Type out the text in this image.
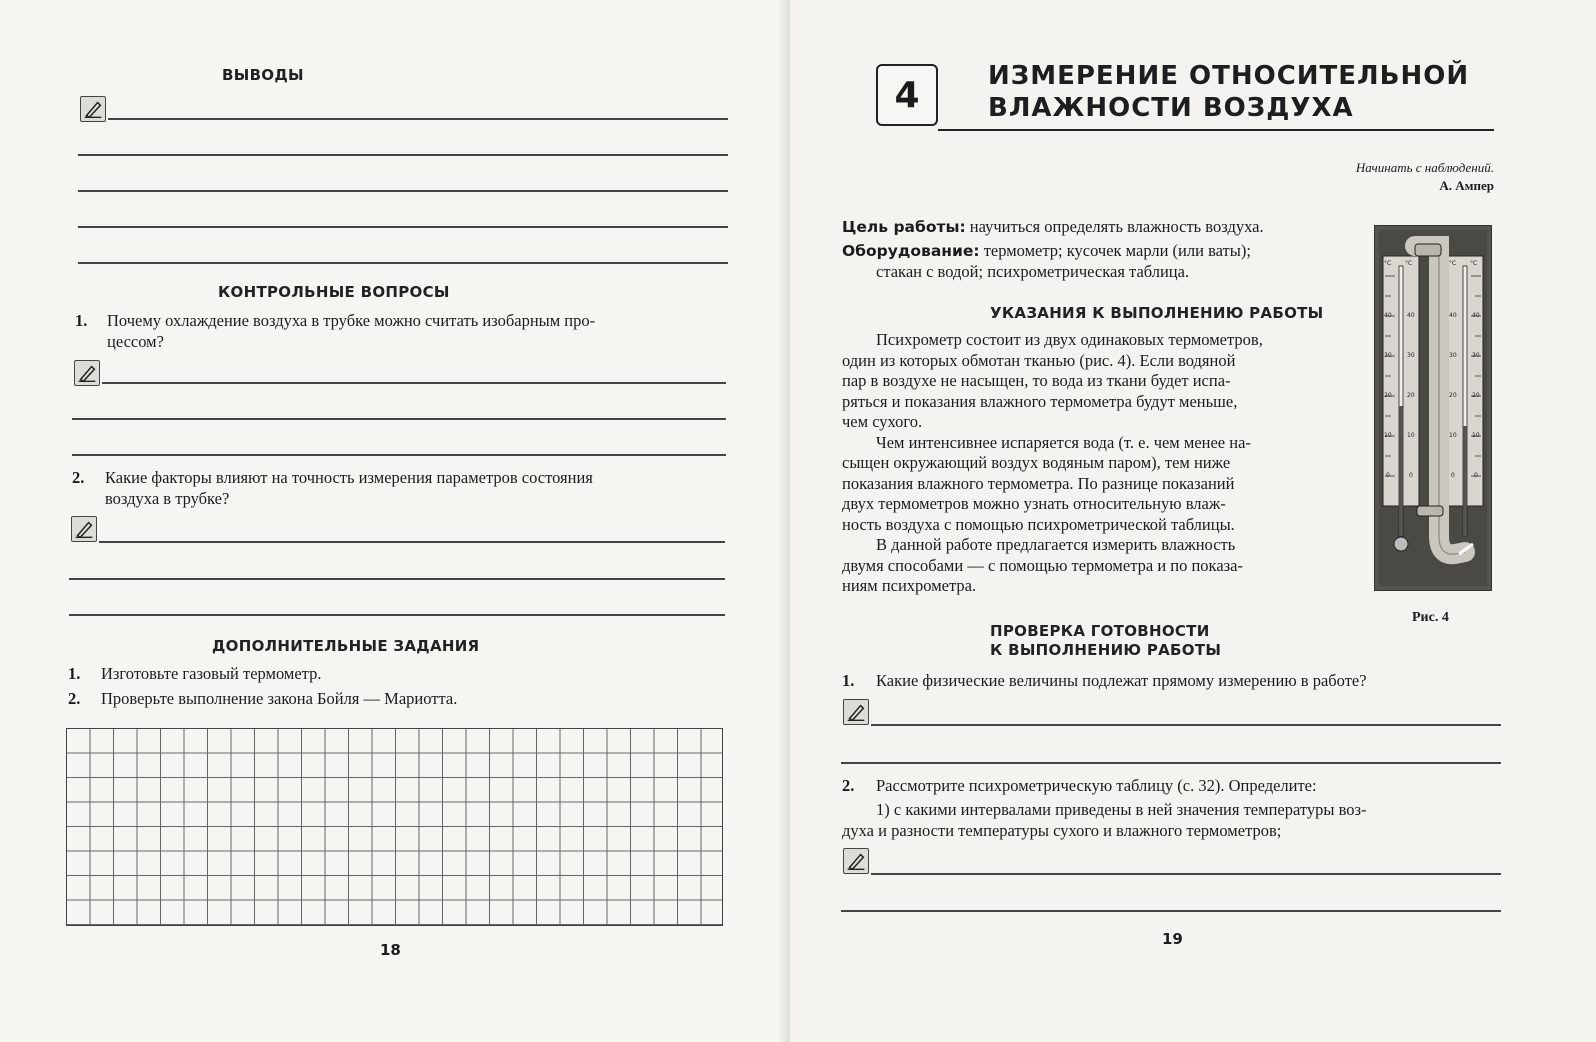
ВЫВОДЫ
КОНТРОЛЬНЫЕ ВОПРОСЫ
1. Почему охлаждение воздуха в трубке можно считать изобарным про-
цессом?
2. Какие факторы влияют на точность измерения параметров состояния
воздуха в трубке?
ДОПОЛНИТЕЛЬНЫЕ ЗАДАНИЯ
1. Изготовьте газовый термометр.
2. Проверьте выполнение закона Бойля — Мариотта.
18
4	ИЗМЕРЕНИЕ ОТНОСИТЕЛЬНОЙ
ВЛАЖНОСТИ ВОЗДУХА
Начинать с наблюдений.
А. Ампер
Цель работы: научиться определять влажность воздуха.
Оборудование: термометр; кусочек марли (или ваты);
стакан с водой; психрометрическая таблица.
УКАЗАНИЯ К ВЫПОЛНЕНИЮ РАБОТЫ
Психрометр состоит из двух одинаковых термометров,
один из которых обмотан тканью (рис. 4). Если водяной
пар в воздухе не насыщен, то вода из ткани будет испа-
ряться и показания влажного термометра будут меньше,
чем сухого.
Чем интенсивнее испаряется вода (т. е. чем менее на-
сыщен окружающий воздух водяным паром), тем ниже
показания влажного термометра. По разнице показаний
двух термометров можно узнать относительную влаж-
ность воздуха с помощью психрометрической таблицы.
В данной работе предлагается измерить влажность
двумя способами — с помощью термометра и по показа-
ниям психрометра.
°C °C	°C °C
40	40	40	40
30	30	30	30
20	20	20	20
10	10	10	10
0	0	0	0
Рис. 4
ПРОВЕРКА ГОТОВНОСТИ
К ВЫПОЛНЕНИЮ РАБОТЫ
1. Какие физические величины подлежат прямому измерению в работе?
2. Рассмотрите психрометрическую таблицу (с. 32). Определите:
1) с какими интервалами приведены в ней значения температуры воз-
духа и разности температуры сухого и влажного термометров;
19
